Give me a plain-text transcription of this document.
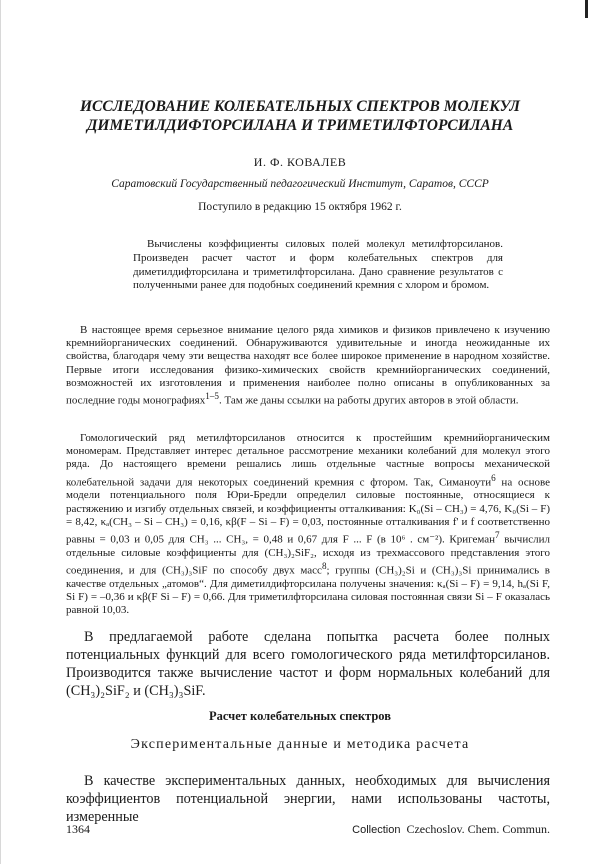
ИССЛЕДОВАНИЕ КОЛЕБАТЕЛЬНЫХ СПЕКТРОВ МОЛЕКУЛ
ДИМЕТИЛДИФТОРСИЛАНА И ТРИМЕТИЛФТОРСИЛАНА
И. Ф. КОВАЛЕВ
Саратовский Государственный педагогический Институт, Саратов, СССР
Поступило в редакцию 15 октября 1962 г.

Вычислены коэффициенты силовых полей молекул метилфторсиланов. Произведен расчет частот и форм колебательных спектров для диметилдифторсилана и триметилфторсилана. Дано сравнение результатов с полученными ранее для подобных соединений кремния с хлором и бромом.

В настоящее время серьезное внимание целого ряда химиков и физиков привлечено к изучению кремнийорганических соединений. Обнаруживаются удивительные и иногда неожиданные их свойства, благодаря чему эти вещества находят все более широкое применение в народном хозяйстве. Первые итоги исследования физико-химических свойств кремнийорганических соединений, возможностей их изготовления и применения наиболее полно описаны в опубликованных за последние годы монографиях$^{1-5}$. Там же даны ссылки на работы других авторов в этой области.

Гомологический ряд метилфторсиланов относится к простейшим кремнийорганическим мономерам. Представляет интерес детальное рассмотрение механики колебаний для молекул этого ряда. До настоящего времени решались лишь отдельные частные вопросы механической колебательной задачи для некоторых соединений кремния с фтором. Так, Симаноути$^6$ на основе модели потенциального поля Юри-Бредли определил силовые постоянные, относящиеся к растяжению и изгибу отдельных связей, и коэффициенты отталкивания: K₀(Si – CH₃) = 4,76, K₀(Si – F) = 8,42, κₐ(CH₃ – Si – CH₃) = 0,16, κβ(F – Si – F) = 0,03, постоянные отталкивания f' и f соответственно равны = 0,03 и 0,05 для CH₃ ... CH₃, = 0,48 и 0,67 для F ... F (в 10⁶ . см⁻²). Кригеман$^7$ вычислил отдельные силовые коэффициенты для (CH₃)₂SiF₂, исходя из трехмассового представления этого соединения, и для (CH₃)₃SiF по способу двух масс$^8$; группы (CH₃)₂Si и (CH₃)₃Si принимались в качестве отдельных „атомов“. Для диметилдифторсилана получены значения: κₐ(Si – F) = 9,14, hₐ(Si F, Si F) = –0,36 и κβ(F Si – F) = 0,66. Для триметилфторсилана силовая постоянная связи Si – F оказалась равной 10,03.

В предлагаемой работе сделана попытка расчета более полных потенциальных функций для всего гомологического ряда метилфторсиланов. Производится также вычисление частот и форм нормальных колебаний для (CH₃)₂SiF₂ и (CH₃)₃SiF.

Расчет колебательных спектров
Экспериментальные данные и методика расчета

В качестве экспериментальных данных, необходимых для вычисления коэффициентов потенциальной энергии, нами использованы частоты, измеренные

1364	Collection Czechoslov. Chem. Commun.
